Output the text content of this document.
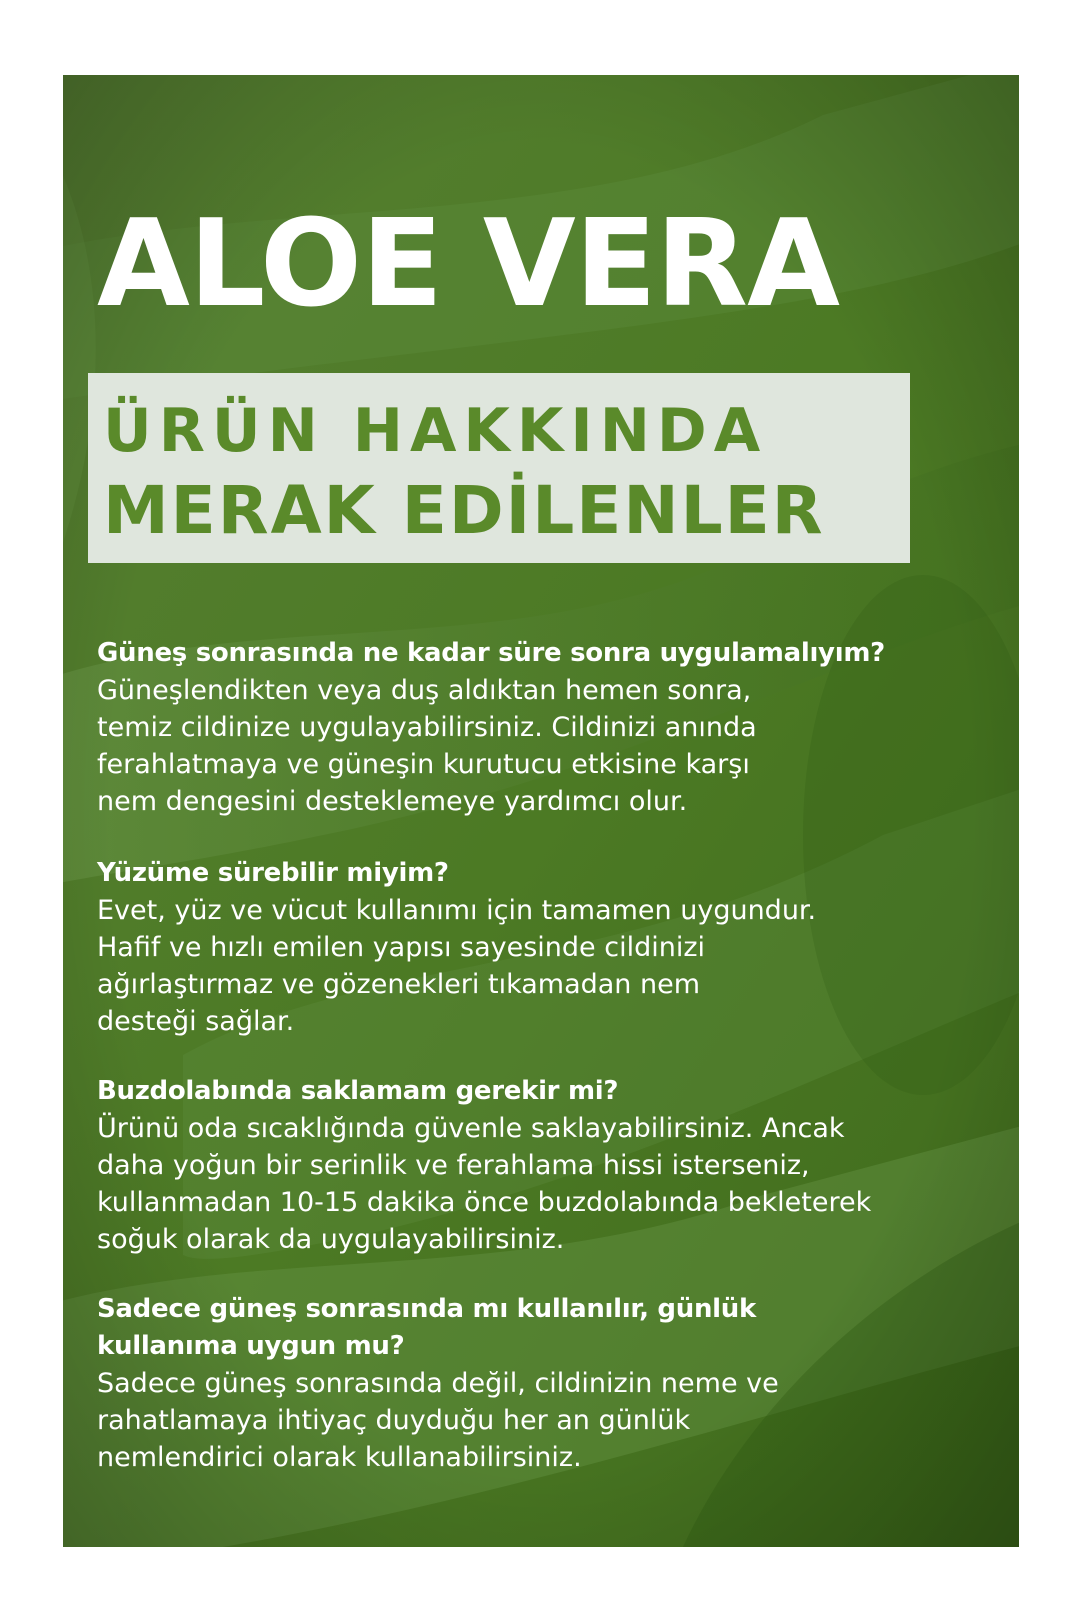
ALOE VERA

ÜRÜN HAKKINDA

MERAK EDİLENLER

Güneş sonrasında ne kadar süre sonra uygulamalıyım?

Güneşlendikten veya duş aldıktan hemen sonra,
temiz cildinize uygulayabilirsiniz. Cildinizi anında
ferahlatmaya ve güneşin kurutucu etkisine karşı
nem dengesini desteklemeye yardımcı olur.

Yüzüme sürebilir miyim?

Evet, yüz ve vücut kullanımı için tamamen uygundur.
Hafif ve hızlı emilen yapısı sayesinde cildinizi
ağırlaştırmaz ve gözenekleri tıkamadan nem
desteği sağlar.

Buzdolabında saklamam gerekir mi?

Ürünü oda sıcaklığında güvenle saklayabilirsiniz. Ancak
daha yoğun bir serinlik ve ferahlama hissi isterseniz,
kullanmadan 10-15 dakika önce buzdolabında bekleterek
soğuk olarak da uygulayabilirsiniz.

Sadece güneş sonrasında mı kullanılır, günlük
kullanıma uygun mu?

Sadece güneş sonrasında değil, cildinizin neme ve
rahatlamaya ihtiyaç duyduğu her an günlük
nemlendirici olarak kullanabilirsiniz.
